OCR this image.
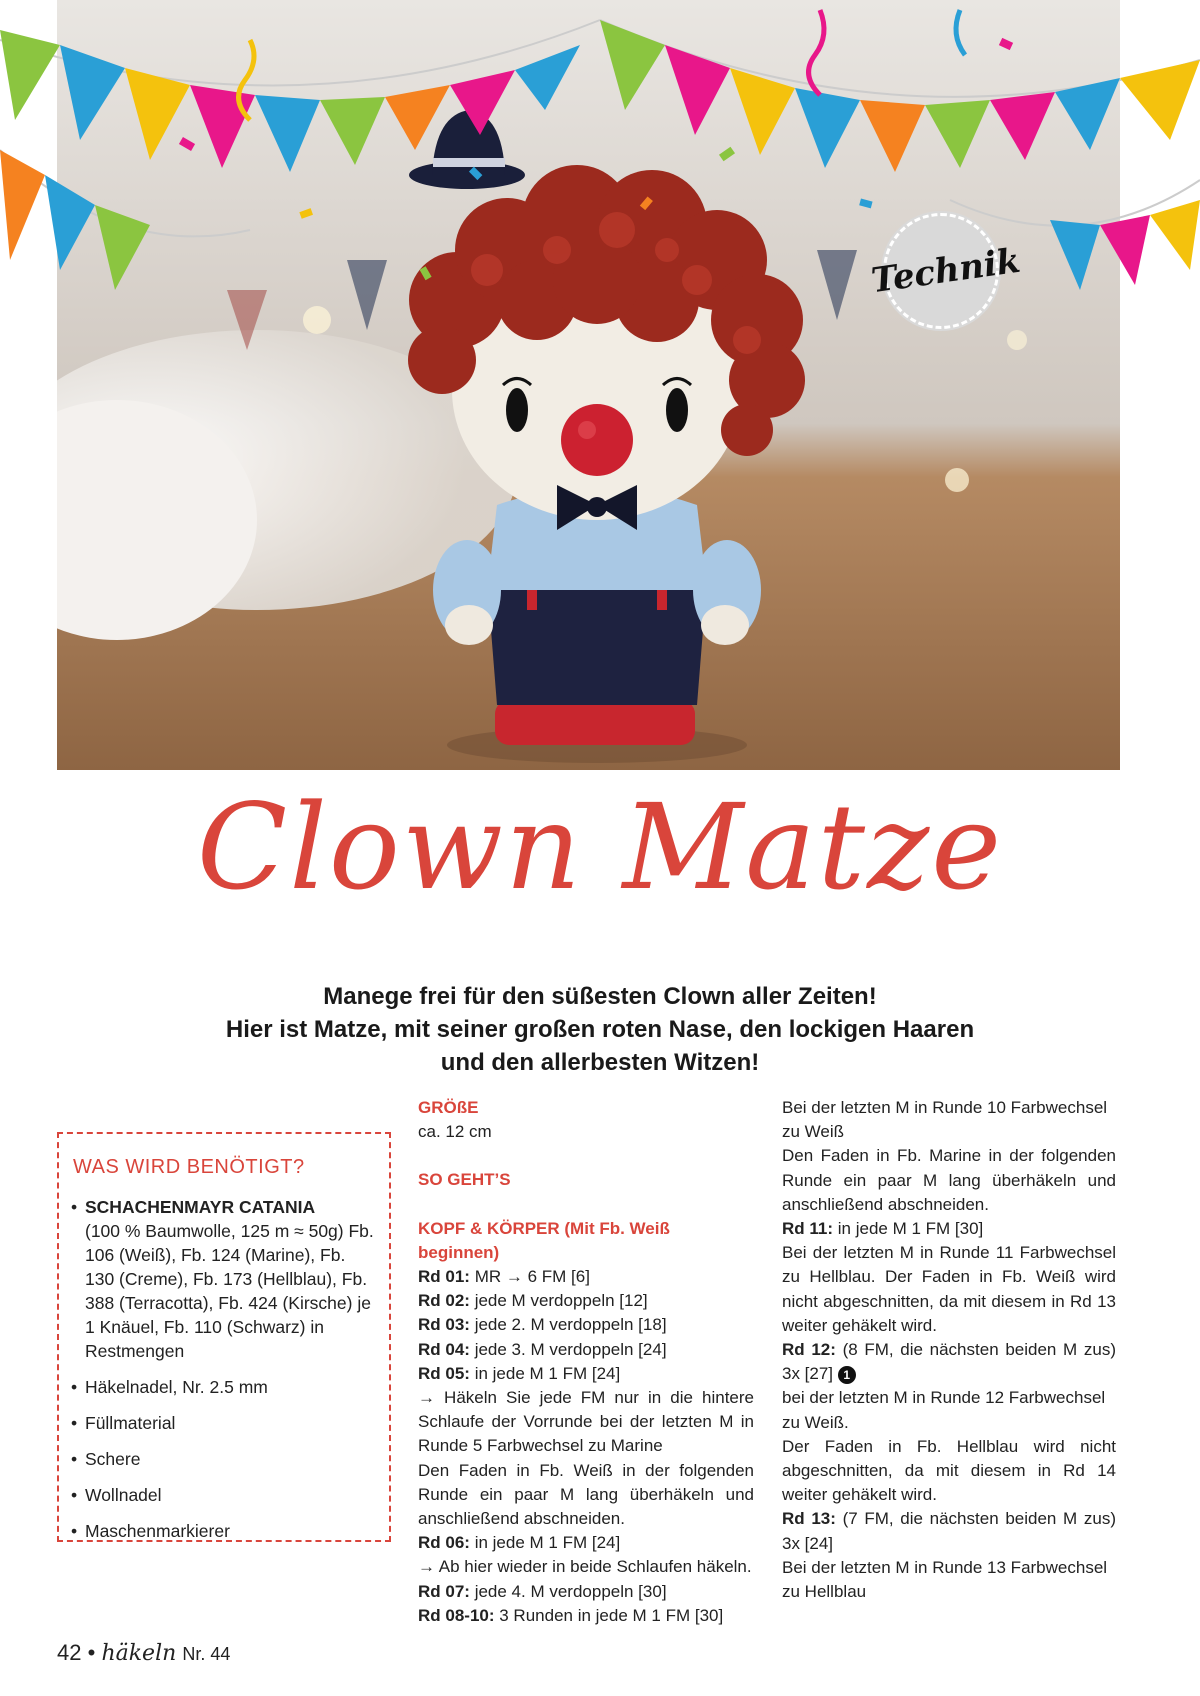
Technik
Clown Matze
Manege frei für den süßesten Clown aller Zeiten!
Hier ist Matze, mit seiner großen roten Nase, den lockigen Haaren
und den allerbesten Witzen!
WAS WIRD BENÖTIGT?
• SCHACHENMAYR CATANIA
(100 % Baumwolle, 125 m ≈ 50g) Fb. 106 (Weiß), Fb. 124 (Marine), Fb. 130 (Creme), Fb. 173 (Hellblau), Fb. 388 (Terracotta), Fb. 424 (Kirsche) je 1 Knäuel, Fb. 110 (Schwarz) in Restmengen
• Häkelnadel, Nr. 2.5 mm
• Füllmaterial
• Schere
• Wollnadel
• Maschenmarkierer

GRÖßE

ca. 12 cm

SO GEHT’S

KOPF & KÖRPER (Mit Fb. Weiß beginnen)

Rd 01: MR → 6 FM [6]

Rd 02: jede M verdoppeln [12]

Rd 03: jede 2. M verdoppeln [18]

Rd 04: jede 3. M verdoppeln [24]

Rd 05: in jede M 1 FM [24]

→ Häkeln Sie jede FM nur in die hintere Schlaufe der Vorrunde bei der letzten M in Runde 5 Farbwechsel zu Marine

Den Faden in Fb. Weiß in der folgenden Runde ein paar M lang überhäkeln und anschließend abschneiden.

Rd 06: in jede M 1 FM [24]

→ Ab hier wieder in beide Schlaufen häkeln.

Rd 07: jede 4. M verdoppeln [30]

Rd 08-10: 3 Runden in jede M 1 FM [30]

Bei der letzten M in Runde 10 Farbwechsel zu Weiß

Den Faden in Fb. Marine in der folgenden Runde ein paar M lang überhäkeln und anschließend abschneiden.

Rd 11: in jede M 1 FM [30]

Bei der letzten M in Runde 11 Farbwechsel zu Hellblau. Der Faden in Fb. Weiß wird nicht abgeschnitten, da mit diesem in Rd 13 weiter gehäkelt wird.

Rd 12: (8 FM, die nächsten beiden M zus) 3x [27] 1

bei der letzten M in Runde 12 Farbwechsel zu Weiß.

Der Faden in Fb. Hellblau wird nicht abgeschnitten, da mit diesem in Rd 14 weiter gehäkelt wird.

Rd 13: (7 FM, die nächsten beiden M zus) 3x [24]

Bei der letzten M in Runde 13 Farbwechsel zu Hellblau

42 • häkeln Nr. 44
